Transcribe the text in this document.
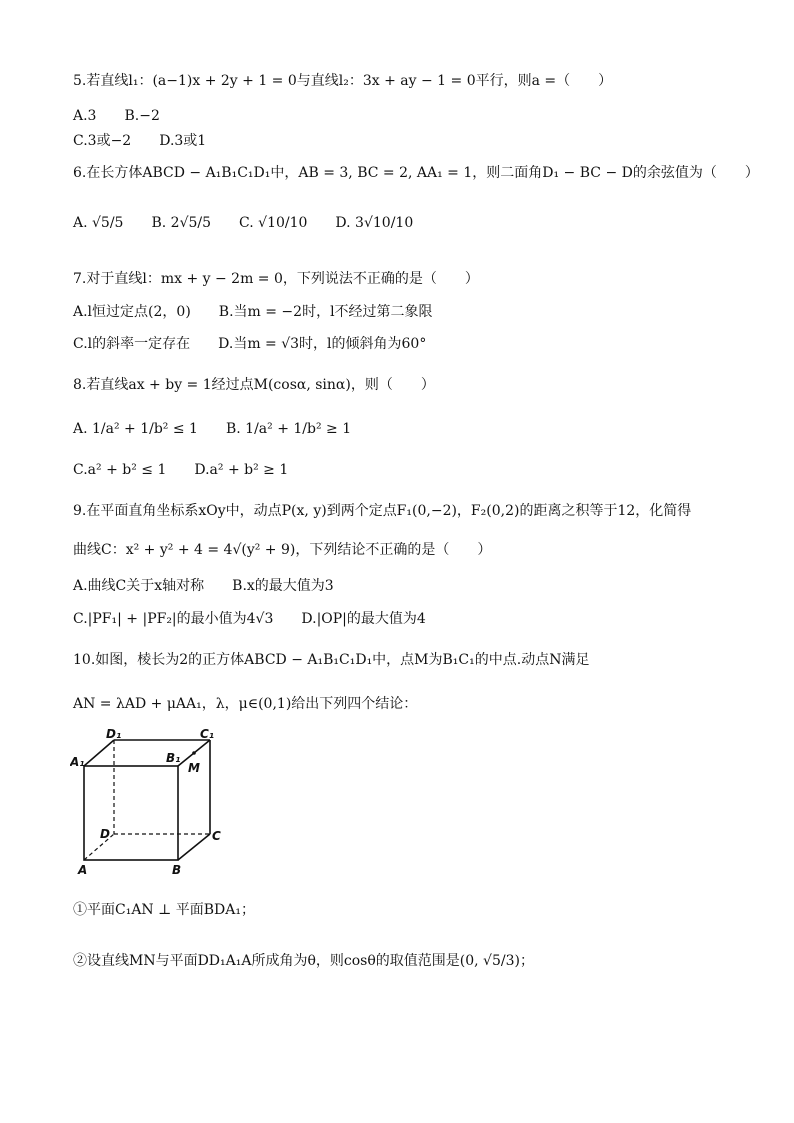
5.若直线l₁：(a−1)x + 2y + 1 = 0与直线l₂：3x + ay − 1 = 0平行，则a =（　　）
A.3 B.−2
C.3或−2 D.3或1
6.在长方体ABCD − A₁B₁C₁D₁中，AB = 3, BC = 2, AA₁ = 1，则二面角D₁ − BC − D的余弦值为（　　）
A. √5/5 B. 2√5/5 C. √10/10 D. 3√10/10
7.对于直线l：mx + y − 2m = 0，下列说法不正确的是（　　）
A.l恒过定点(2，0) B.当m = −2时，l不经过第二象限
C.l的斜率一定存在 D.当m = √3时，l的倾斜角为60°
8.若直线ax + by = 1经过点M(cosα, sinα)，则（　　）
A. 1/a² + 1/b² ≤ 1 B. 1/a² + 1/b² ≥ 1
C.a² + b² ≤ 1 D.a² + b² ≥ 1
9.在平面直角坐标系xOy中，动点P(x, y)到两个定点F₁(0,−2)，F₂(0,2)的距离之积等于12，化简得
曲线C：x² + y² + 4 = 4√(y² + 9)，下列结论不正确的是（　　）
A.曲线C关于x轴对称 B.x的最大值为3
C.|PF₁| + |PF₂|的最小值为4√3 D.|OP|的最大值为4
10.如图，棱长为2的正方体ABCD − A₁B₁C₁D₁中，点M为B₁C₁的中点.动点N满足
AN = λAD + μAA₁，λ，μ∈(0,1)给出下列四个结论：
D₁	C₁
A₁	B₁
M
D	C
A	B
①平面C₁AN ⊥ 平面BDA₁；
②设直线MN与平面DD₁A₁A所成角为θ，则cosθ的取值范围是(0, √5/3)；
